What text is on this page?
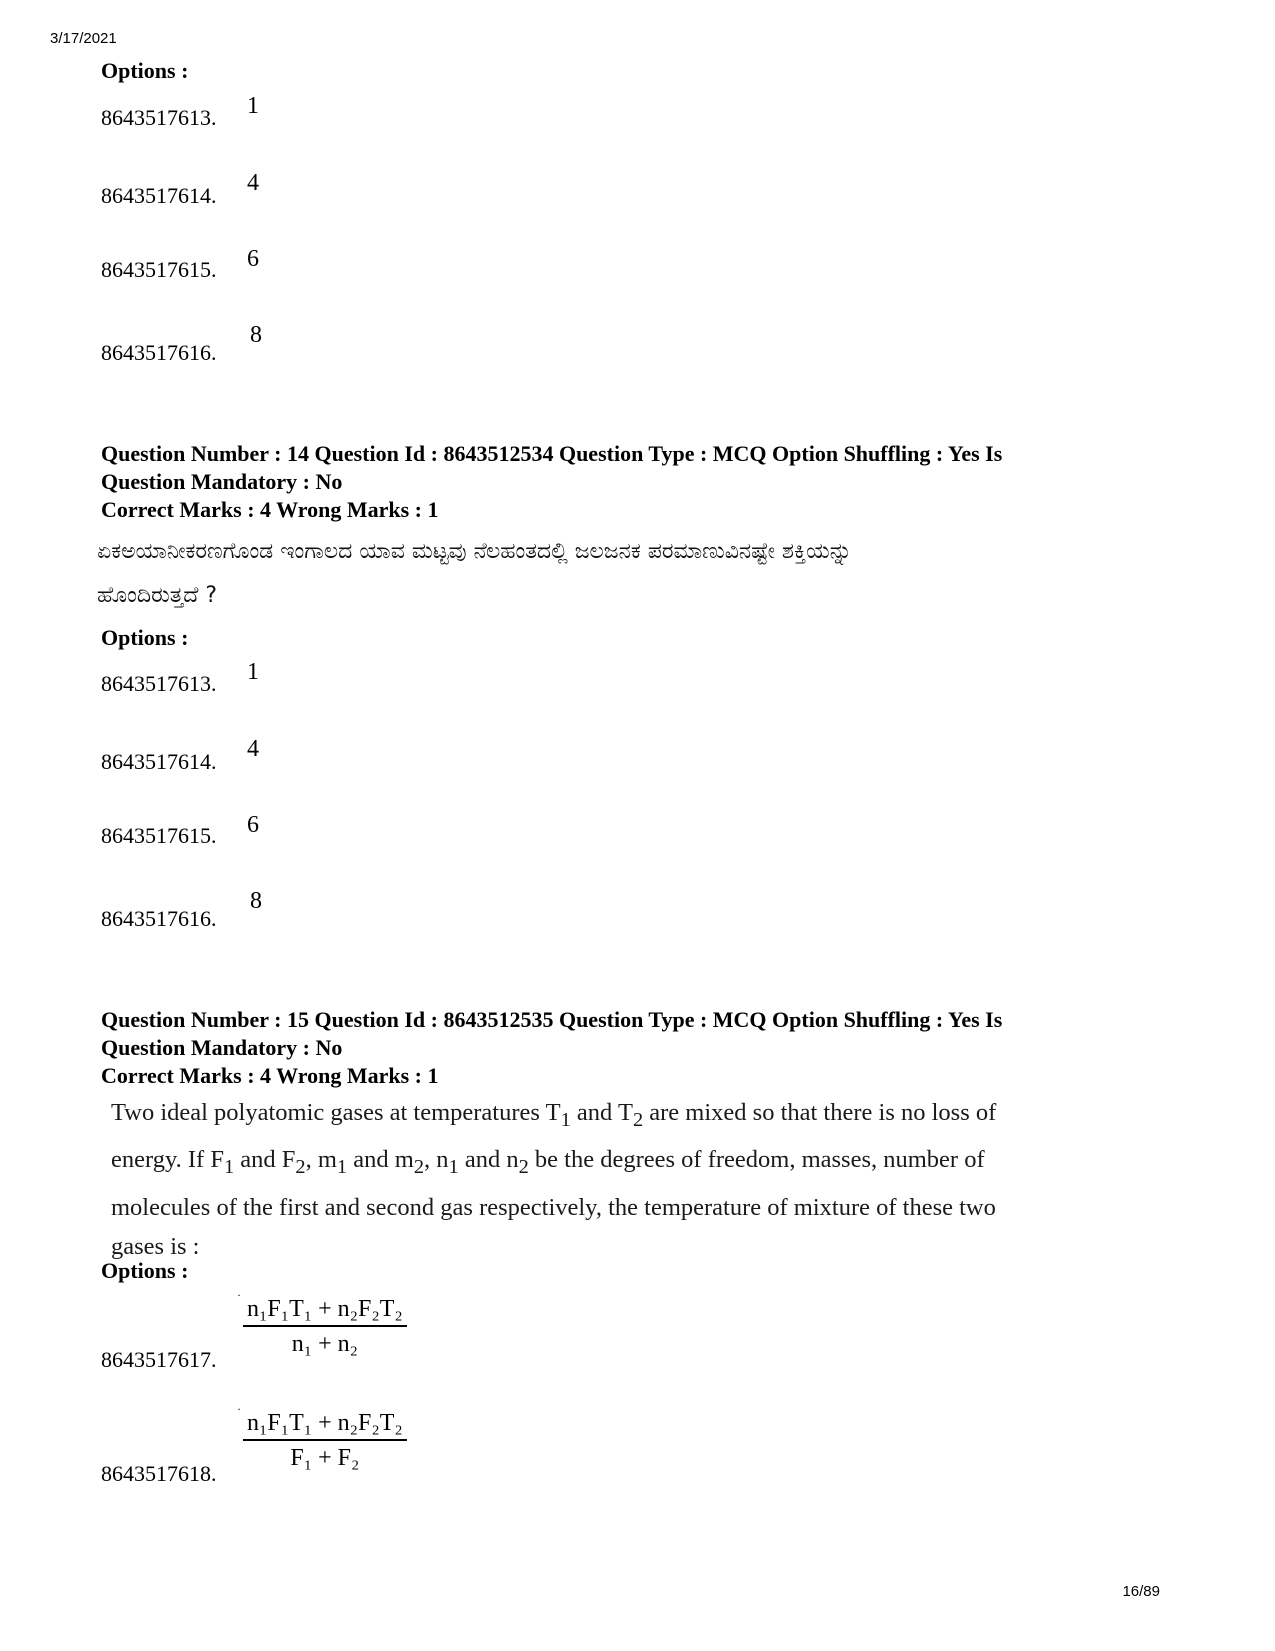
3/17/2021
Options :
8643517613. 1
8643517614. 4
8643517615. 6
8643517616.
8
Question Number : 14 Question Id : 8643512534 Question Type : MCQ Option Shuffling : Yes Is
Question Mandatory : No
Correct Marks : 4 Wrong Marks : 1
ಏಕಅಯಾನೀಕರಣಗೊಂಡ ಇಂಗಾಲದ ಯಾವ ಮಟ್ಟವು ನೆಲಹಂತದಲ್ಲಿ ಜಲಜನಕ ಪರಮಾಣುವಿನಷ್ಟೇ ಶಕ್ತಿಯನ್ನು
ಹೊಂದಿರುತ್ತದೆ ?
Options :
8643517613. 1
8643517614. 4
8643517615. 6
8643517616.
8
Question Number : 15 Question Id : 8643512535 Question Type : MCQ Option Shuffling : Yes Is
Question Mandatory : No
Correct Marks : 4 Wrong Marks : 1
Two ideal polyatomic gases at temperatures $T_1$ and $T_2$ are mixed so that there is no loss of
energy. If $F_1$ and $F_2$, $m_1$ and $m_2$, $n_1$ and $n_2$ be the degrees of freedom, masses, number of
molecules of the first and second gas respectively, the temperature of mixture of these two
gases is :
Options :
·
n₁F₁T₁ + n₂F₂T₂
n₁ + n₂
8643517617.
·
n₁F₁T₁ + n₂F₂T₂
F₁ + F₂
8643517618.
16/89
